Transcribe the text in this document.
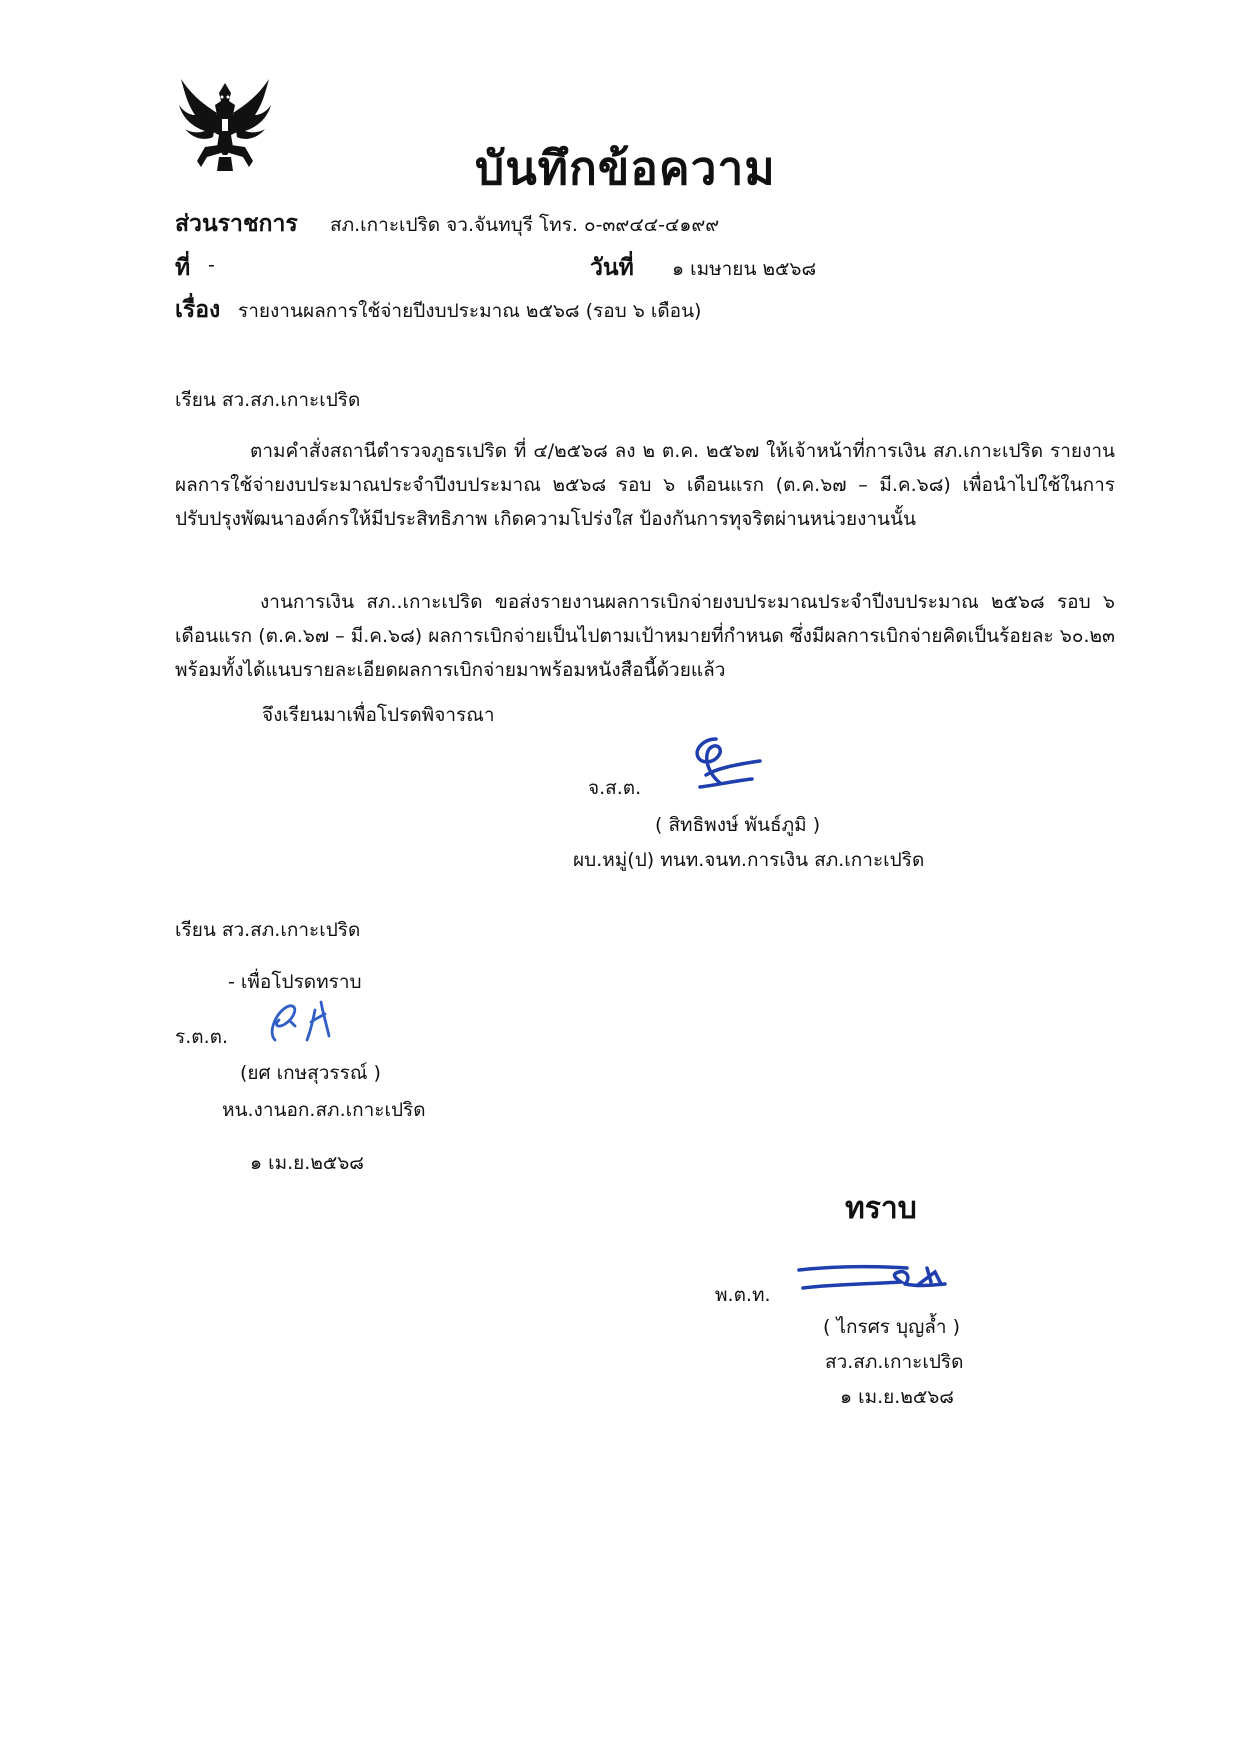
บันทึกข้อความ
ส่วนราชการ สภ.เกาะเปริด จว.จันทบุรี โทร. ๐-๓๙๔๔-๔๑๙๙
ที่ -	วันที่ ๑ เมษายน ๒๕๖๘
เรื่อง รายงานผลการใช้จ่ายปีงบประมาณ ๒๕๖๘ (รอบ ๖ เดือน)
เรียน สว.สภ.เกาะเปริด
ตามคำสั่งสถานีตำรวจภูธรเปริด ที่ ๔/๒๕๖๘ ลง ๒ ต.ค. ๒๕๖๗ ให้เจ้าหน้าที่การเงิน สภ.เกาะเปริด รายงานผลการใช้จ่ายงบประมาณประจำปีงบประมาณ ๒๕๖๘ รอบ ๖ เดือนแรก (ต.ค.๖๗ – มี.ค.๖๘) เพื่อนำไปใช้ในการปรับปรุงพัฒนาองค์กรให้มีประสิทธิภาพ เกิดความโปร่งใส ป้องกันการทุจริตผ่านหน่วยงานนั้น
งานการเงิน สภ..เกาะเปริด ขอส่งรายงานผลการเบิกจ่ายงบประมาณประจำปีงบประมาณ ๒๕๖๘ รอบ ๖ เดือนแรก (ต.ค.๖๗ – มี.ค.๖๘) ผลการเบิกจ่ายเป็นไปตามเป้าหมายที่กำหนด ซึ่งมีผลการเบิกจ่ายคิดเป็นร้อยละ ๖๐.๒๓ พร้อมทั้งได้แนบรายละเอียดผลการเบิกจ่ายมาพร้อมหนังสือนี้ด้วยแล้ว
จึงเรียนมาเพื่อโปรดพิจารณา
จ.ส.ต.
( สิทธิพงษ์ พันธ์ภูมิ )
ผบ.หมู่(ป) ทนท.จนท.การเงิน สภ.เกาะเปริด
เรียน สว.สภ.เกาะเปริด
- เพื่อโปรดทราบ
ร.ต.ต.
(ยศ เกษสุวรรณ์ )
หน.งานอก.สภ.เกาะเปริด
๑ เม.ย.๒๕๖๘
ทราบ
พ.ต.ท.
( ไกรศร บุญล้ำ )
สว.สภ.เกาะเปริด
๑ เม.ย.๒๕๖๘
